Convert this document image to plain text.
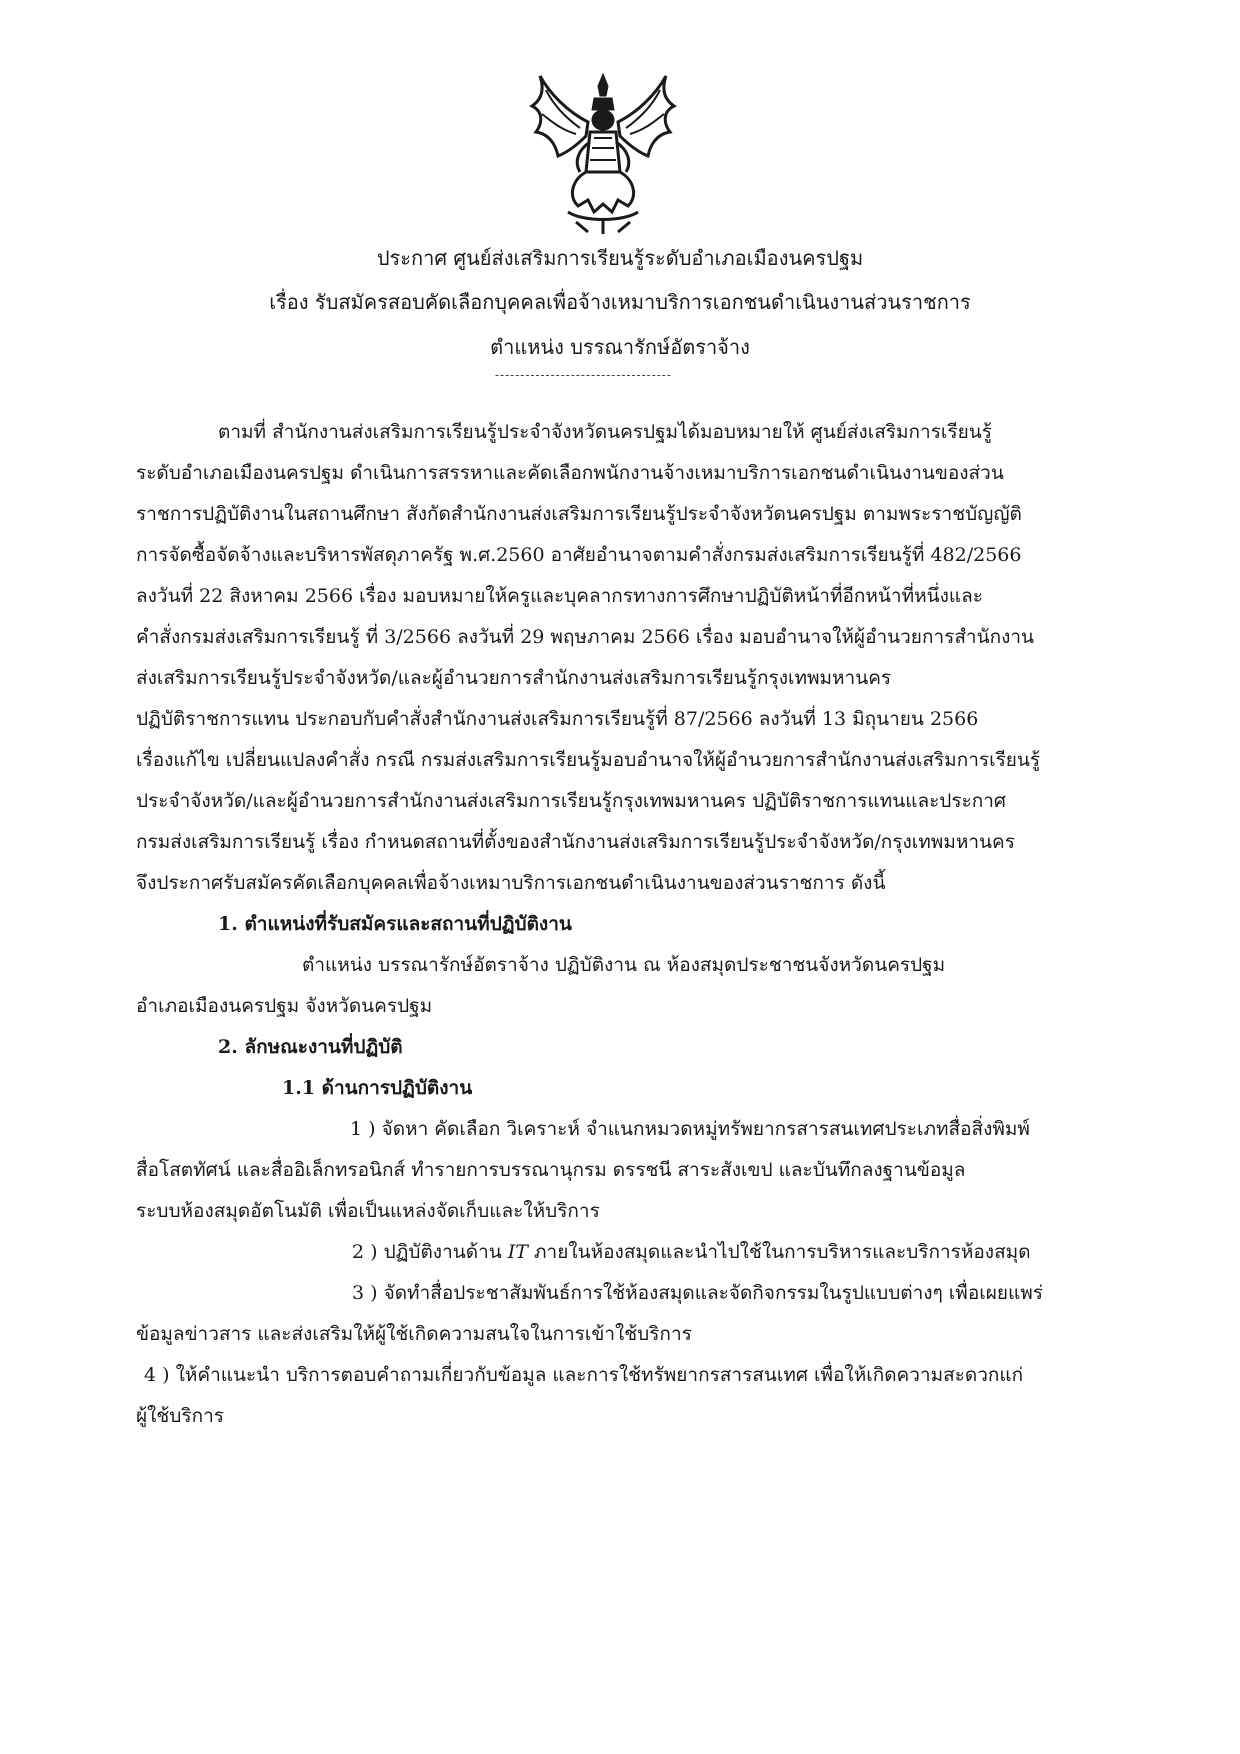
ประกาศ ศูนย์ส่งเสริมการเรียนรู้ระดับอำเภอเมืองนครปฐม
เรื่อง รับสมัครสอบคัดเลือกบุคคลเพื่อจ้างเหมาบริการเอกชนดำเนินงานส่วนราชการ
ตำแหน่ง บรรณารักษ์อัตราจ้าง
-----------------------------------
ตามที่ สำนักงานส่งเสริมการเรียนรู้ประจำจังหวัดนครปฐมได้มอบหมายให้ ศูนย์ส่งเสริมการเรียนรู้
ระดับอำเภอเมืองนครปฐม ดำเนินการสรรหาและคัดเลือกพนักงานจ้างเหมาบริการเอกชนดำเนินงานของส่วน
ราชการปฏิบัติงานในสถานศึกษา สังกัดสำนักงานส่งเสริมการเรียนรู้ประจำจังหวัดนครปฐม ตามพระราชบัญญัติ
การจัดซื้อจัดจ้างและบริหารพัสดุภาครัฐ พ.ศ.2560 อาศัยอำนาจตามคำสั่งกรมส่งเสริมการเรียนรู้ที่ 482/2566
ลงวันที่ 22 สิงหาคม 2566 เรื่อง มอบหมายให้ครูและบุคลากรทางการศึกษาปฏิบัติหน้าที่อีกหน้าที่หนึ่งและ
คำสั่งกรมส่งเสริมการเรียนรู้ ที่ 3/2566 ลงวันที่ 29 พฤษภาคม 2566 เรื่อง มอบอำนาจให้ผู้อำนวยการสำนักงาน
ส่งเสริมการเรียนรู้ประจำจังหวัด/และผู้อำนวยการสำนักงานส่งเสริมการเรียนรู้กรุงเทพมหานคร
ปฏิบัติราชการแทน ประกอบกับคำสั่งสำนักงานส่งเสริมการเรียนรู้ที่ 87/2566 ลงวันที่ 13 มิถุนายน 2566
เรื่องแก้ไข เปลี่ยนแปลงคำสั่ง กรณี กรมส่งเสริมการเรียนรู้มอบอำนาจให้ผู้อำนวยการสำนักงานส่งเสริมการเรียนรู้
ประจำจังหวัด/และผู้อำนวยการสำนักงานส่งเสริมการเรียนรู้กรุงเทพมหานคร ปฏิบัติราชการแทนและประกาศ
กรมส่งเสริมการเรียนรู้ เรื่อง กำหนดสถานที่ตั้งของสำนักงานส่งเสริมการเรียนรู้ประจำจังหวัด/กรุงเทพมหานคร
จึงประกาศรับสมัครคัดเลือกบุคคลเพื่อจ้างเหมาบริการเอกชนดำเนินงานของส่วนราชการ ดังนี้
1. ตำแหน่งที่รับสมัครและสถานที่ปฏิบัติงาน
ตำแหน่ง บรรณารักษ์อัตราจ้าง ปฏิบัติงาน ณ ห้องสมุดประชาชนจังหวัดนครปฐม
อำเภอเมืองนครปฐม จังหวัดนครปฐม
2. ลักษณะงานที่ปฏิบัติ
1.1 ด้านการปฏิบัติงาน
1 ) จัดหา คัดเลือก วิเคราะห์ จำแนกหมวดหมู่ทรัพยากรสารสนเทศประเภทสื่อสิ่งพิมพ์
สื่อโสตทัศน์ และสื่ออิเล็กทรอนิกส์ ทำรายการบรรณานุกรม ดรรชนี สาระสังเขป และบันทึกลงฐานข้อมูล
ระบบห้องสมุดอัตโนมัติ เพื่อเป็นแหล่งจัดเก็บและให้บริการ
2 ) ปฏิบัติงานด้าน IT ภายในห้องสมุดและนำไปใช้ในการบริหารและบริการห้องสมุด
3 ) จัดทำสื่อประชาสัมพันธ์การใช้ห้องสมุดและจัดกิจกรรมในรูปแบบต่างๆ เพื่อเผยแพร่
ข้อมูลข่าวสาร และส่งเสริมให้ผู้ใช้เกิดความสนใจในการเข้าใช้บริการ
4 ) ให้คำแนะนำ บริการตอบคำถามเกี่ยวกับข้อมูล และการใช้ทรัพยากรสารสนเทศ เพื่อให้เกิดความสะดวกแก่
ผู้ใช้บริการ
